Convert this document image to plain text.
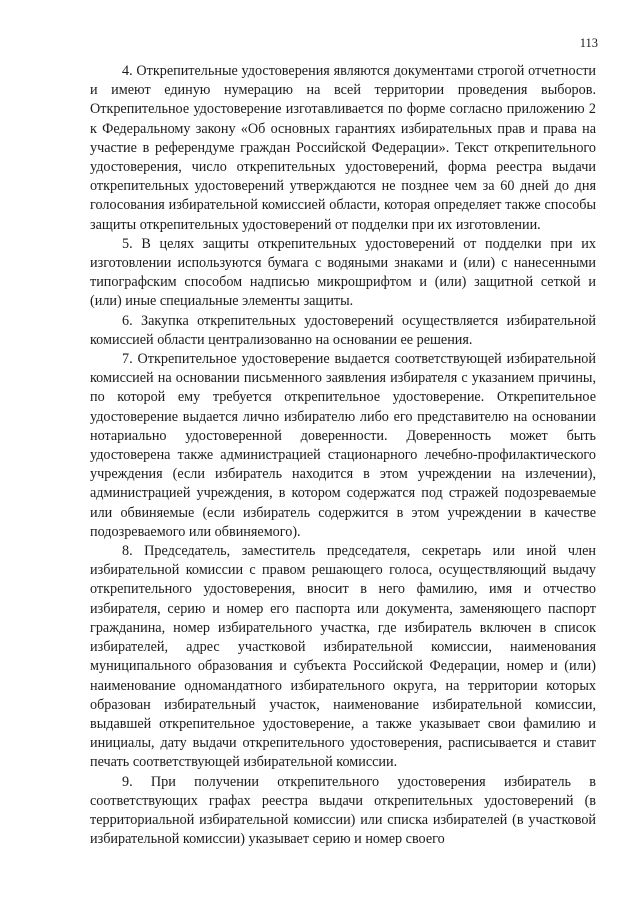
113

4. Открепительные удостоверения являются документами строгой отчетности и имеют единую нумерацию на всей территории проведения выборов. Открепительное удостоверение изготавливается по форме согласно приложению 2 к Федеральному закону «Об основных гарантиях избирательных прав и права на участие в референдуме граждан Российской Федерации». Текст открепительного удостоверения, число открепительных удостоверений, форма реестра выдачи открепительных удостоверений утверждаются не позднее чем за 60 дней до дня голосования избирательной комиссией области, которая определяет также способы защиты открепительных удостоверений от подделки при их изготовлении.

5. В целях защиты открепительных удостоверений от подделки при их изготовлении используются бумага с водяными знаками и (или) с нанесенными типографским способом надписью микрошрифтом и (или) защитной сеткой и (или) иные специальные элементы защиты.

6. Закупка открепительных удостоверений осуществляется избирательной комиссией области централизованно на основании ее решения.

7. Открепительное удостоверение выдается соответствующей избирательной комиссией на основании письменного заявления избирателя с указанием причины, по которой ему требуется открепительное удостоверение. Открепительное удостоверение выдается лично избирателю либо его представителю на основании нотариально удостоверенной доверенности. Доверенность может быть удостоверена также администрацией стационарного лечебно-профилактического учреждения (если избиратель находится в этом учреждении на излечении), администрацией учреждения, в котором содержатся под стражей подозреваемые или обвиняемые (если избиратель содержится в этом учреждении в качестве подозреваемого или обвиняемого).

8. Председатель, заместитель председателя, секретарь или иной член избирательной комиссии с правом решающего голоса, осуществляющий выдачу открепительного удостоверения, вносит в него фамилию, имя и отчество избирателя, серию и номер его паспорта или документа, заменяющего паспорт гражданина, номер избирательного участка, где избиратель включен в список избирателей, адрес участковой избирательной комиссии, наименования муниципального образования и субъекта Российской Федерации, номер и (или) наименование одномандатного избирательного округа, на территории которых образован избирательный участок, наименование избирательной комиссии, выдавшей открепительное удостоверение, а также указывает свои фамилию и инициалы, дату выдачи открепительного удостоверения, расписывается и ставит печать соответствующей избирательной комиссии.

9. При получении открепительного удостоверения избиратель в соответствующих графах реестра выдачи открепительных удостоверений (в территориальной избирательной комиссии) или списка избирателей (в участковой избирательной комиссии) указывает серию и номер своего
